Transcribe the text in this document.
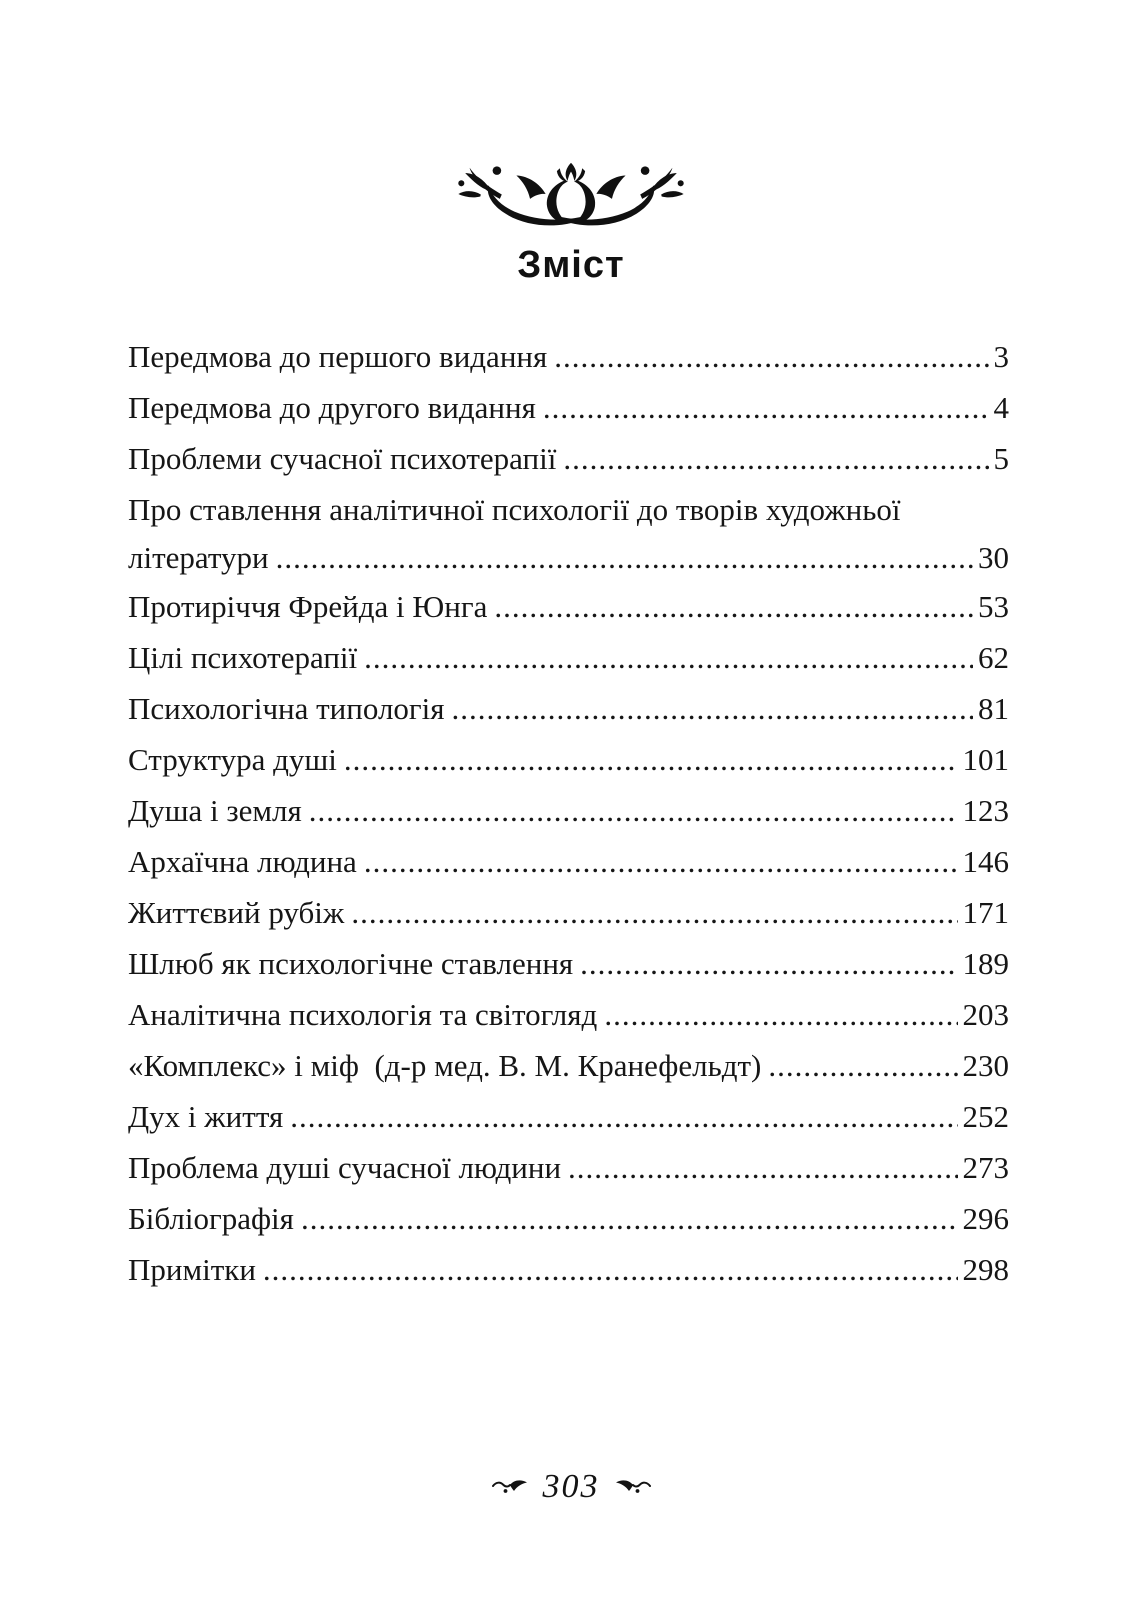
Зміст
Передмова до першого видання .....	3
Передмова до другого видання .....	4
Проблеми сучасної психотерапії .....	5
Про ставлення аналітичної психології до творів художньої
літератури .....	30
Протиріччя Фрейда і Юнга .....	53
Цілі психотерапії .....	62
Психологічна типологія .....	81
Структура душі .....	101
Душа і земля .....	123
Архаїчна людина .....	146
Життєвий рубіж .....	171
Шлюб як психологічне ставлення .....	189
Аналітична психологія та світогляд .....	203
«Комплекс» і міф  (д-р мед. В. М. Кранефельдт) .....	230
Дух і життя .....	252
Проблема душі сучасної людини .....	273
Бібліографія .....	296
Примітки .....	298
303
